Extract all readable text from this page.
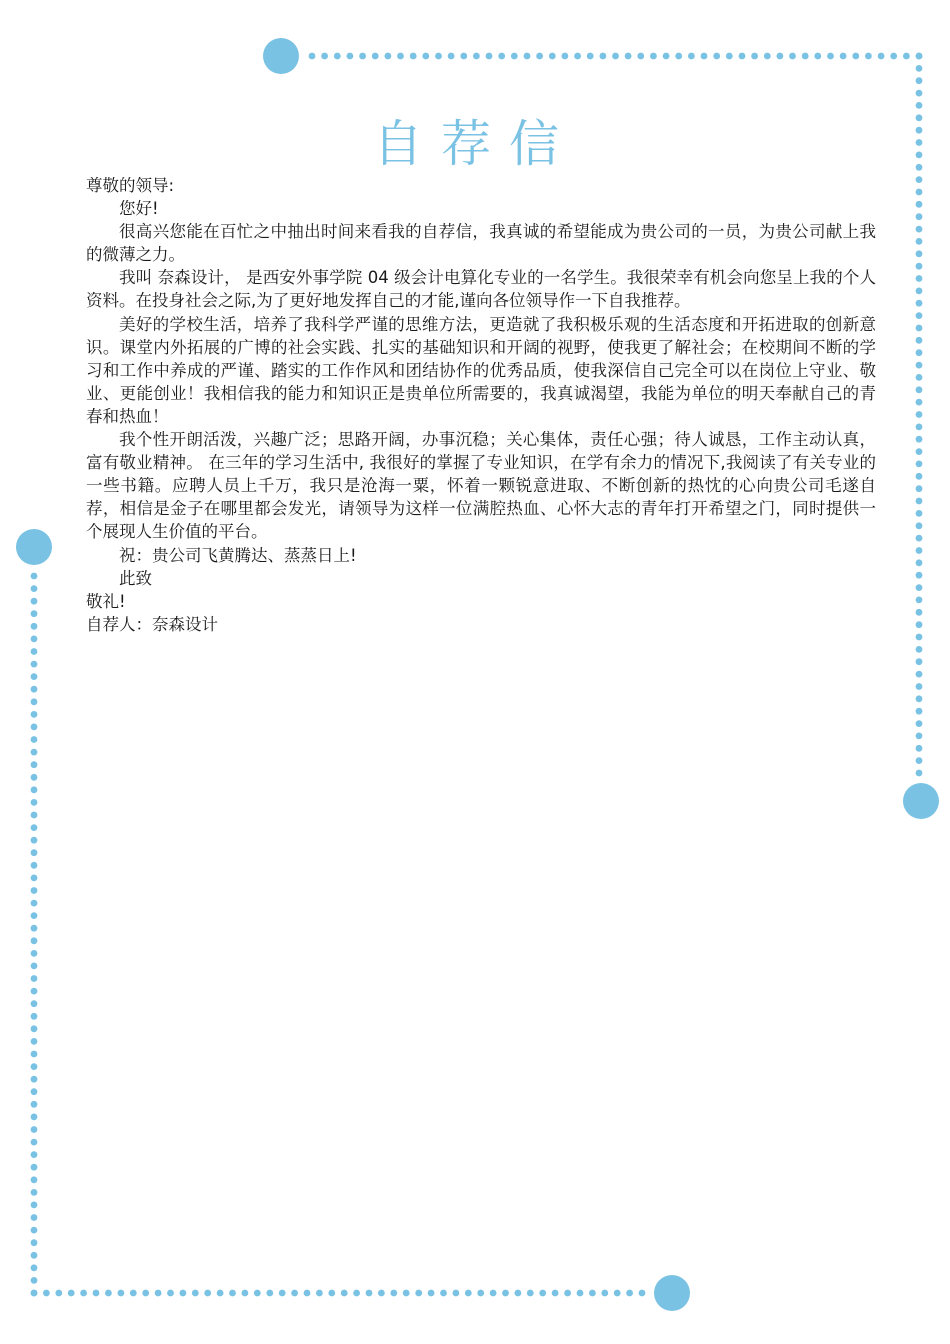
自荐信

尊敬的领导:

您好!

很高兴您能在百忙之中抽出时间来看我的自荐信，我真诚的希望能成为贵公司的一员，为贵公司献上我的微薄之力。

我叫 奈森设计， 是西安外事学院 04 级会计电算化专业的一名学生。我很荣幸有机会向您呈上我的个人资料。在投身社会之际,为了更好地发挥自己的才能,谨向各位领导作一下自我推荐。

美好的学校生活，培养了我科学严谨的思维方法，更造就了我积极乐观的生活态度和开拓进取的创新意识。课堂内外拓展的广博的社会实践、扎实的基础知识和开阔的视野，使我更了解社会；在校期间不断的学习和工作中养成的严谨、踏实的工作作风和团结协作的优秀品质，使我深信自己完全可以在岗位上守业、敬业、更能创业！我相信我的能力和知识正是贵单位所需要的，我真诚渴望，我能为单位的明天奉献自己的青春和热血！

我个性开朗活泼，兴趣广泛；思路开阔，办事沉稳；关心集体，责任心强；待人诚恳，工作主动认真，富有敬业精神。 在三年的学习生活中, 我很好的掌握了专业知识，在学有余力的情况下,我阅读了有关专业的一些书籍。应聘人员上千万，我只是沧海一粟，怀着一颗锐意进取、不断创新的热忱的心向贵公司毛遂自荐，相信是金子在哪里都会发光，请领导为这样一位满腔热血、心怀大志的青年打开希望之门，同时提供一个展现人生价值的平台。

祝：贵公司飞黄腾达、蒸蒸日上!

此致

敬礼!

自荐人：奈森设计
